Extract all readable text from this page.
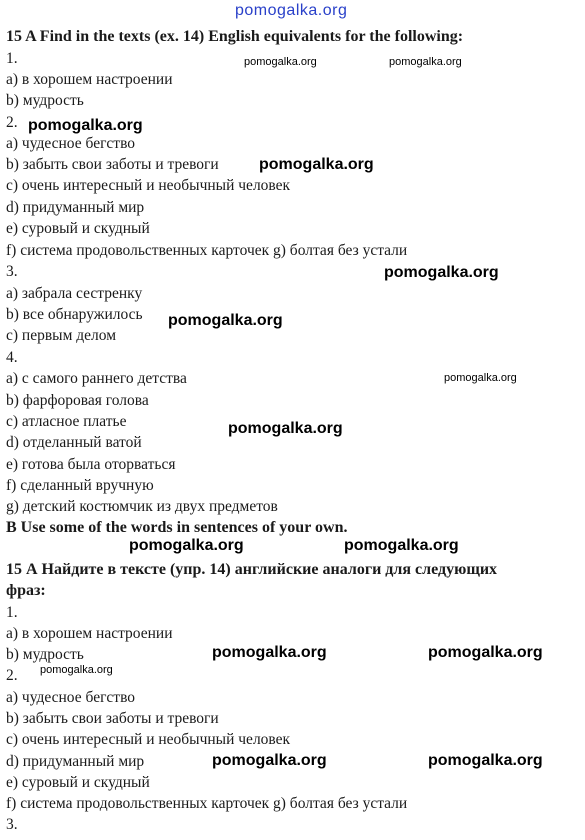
pomogalka.org
15 A Find in the texts (ex. 14) English equivalents for the following:
1.
а) в хорошем настроении
b) мудрость
2.
а) чудесное бегство
b) забыть свои заботы и тревоги
с) очень интересный и необычный человек
d) придуманный мир
е) суровый и скудный
f) система продовольственных карточек g) болтая без устали
3.
а) забрала сестренку
b) все обнаружилось
с) первым делом
4.
а) с самого раннего детства
b) фарфоровая голова
с) атласное платье
d) отделанный ватой
е) готова была оторваться
f) сделанный вручную
g) детский костюмчик из двух предметов
B Use some of the words in sentences of your own.
15 А Найдите в тексте (упр. 14) английские аналоги для следующих
фраз:
1.
а) в хорошем настроении
b) мудрость
2.
а) чудесное бегство
b) забыть свои заботы и тревоги
с) очень интересный и необычный человек
d) придуманный мир
е) суровый и скудный
f) система продовольственных карточек g) болтая без устали
3.
pomogalka.org	pomogalka.org
pomogalka.org
pomogalka.org
pomogalka.org
pomogalka.org
pomogalka.org
pomogalka.org
pomogalka.org	pomogalka.org
pomogalka.org	pomogalka.org
pomogalka.org
pomogalka.org	pomogalka.org
